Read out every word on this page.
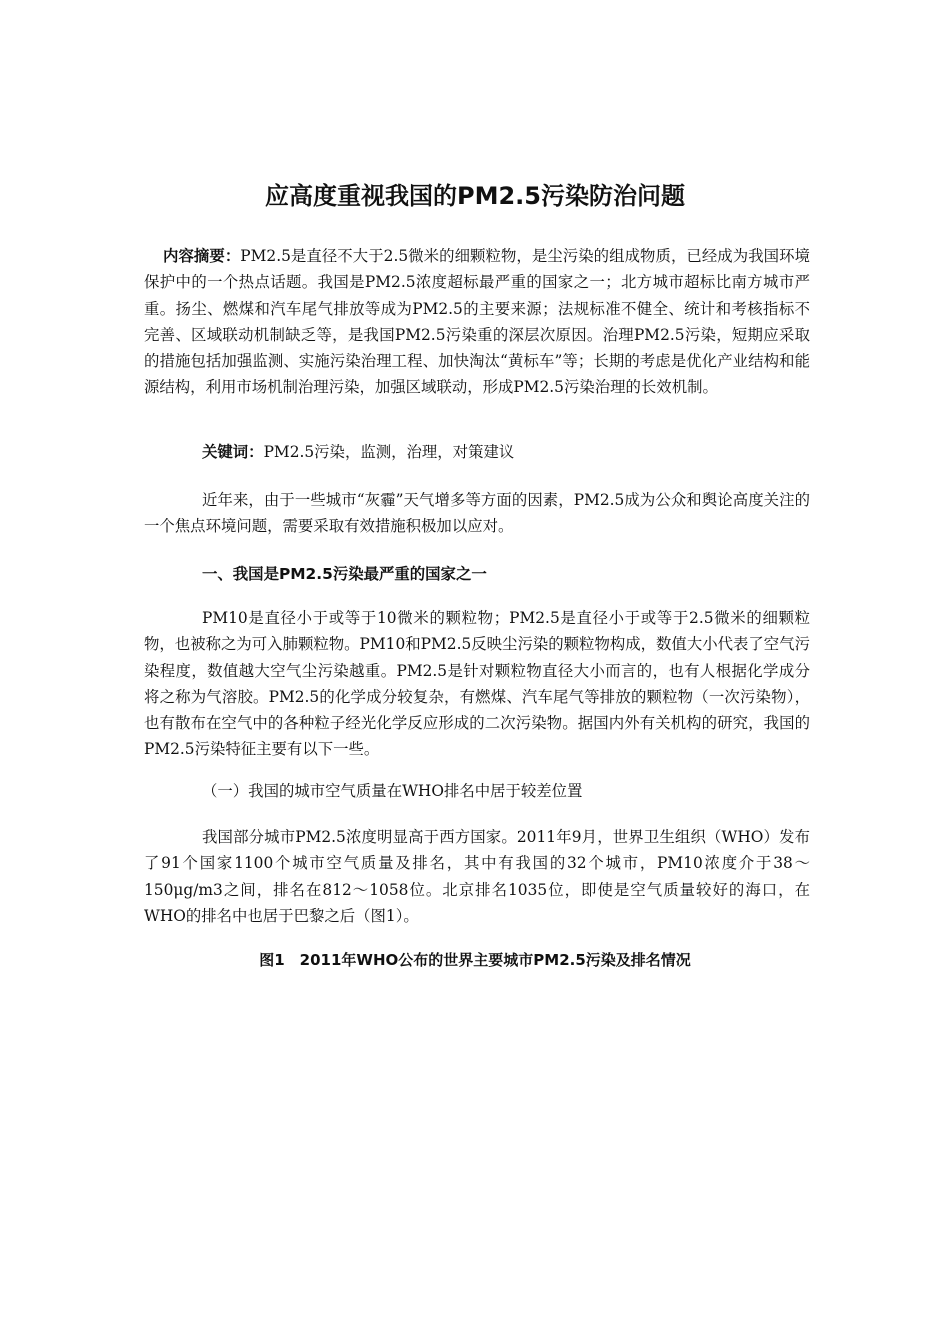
应高度重视我国的PM2.5污染防治问题

内容摘要：PM2.5是直径不大于2.5微米的细颗粒物，是尘污染的组成物质，已经成为我国环境保护中的一个热点话题。我国是PM2.5浓度超标最严重的国家之一；北方城市超标比南方城市严重。扬尘、燃煤和汽车尾气排放等成为PM2.5的主要来源；法规标准不健全、统计和考核指标不完善、区域联动机制缺乏等，是我国PM2.5污染重的深层次原因。治理PM2.5污染，短期应采取的措施包括加强监测、实施污染治理工程、加快淘汰“黄标车”等；长期的考虑是优化产业结构和能源结构，利用市场机制治理污染，加强区域联动，形成PM2.5污染治理的长效机制。

关键词：PM2.5污染，监测，治理，对策建议

近年来，由于一些城市“灰霾”天气增多等方面的因素，PM2.5成为公众和舆论高度关注的一个焦点环境问题，需要采取有效措施积极加以应对。

一、我国是PM2.5污染最严重的国家之一

PM10是直径小于或等于10微米的颗粒物；PM2.5是直径小于或等于2.5微米的细颗粒物，也被称之为可入肺颗粒物。PM10和PM2.5反映尘污染的颗粒物构成，数值大小代表了空气污染程度，数值越大空气尘污染越重。PM2.5是针对颗粒物直径大小而言的，也有人根据化学成分将之称为气溶胶。PM2.5的化学成分较复杂，有燃煤、汽车尾气等排放的颗粒物（一次污染物），也有散布在空气中的各种粒子经光化学反应形成的二次污染物。据国内外有关机构的研究，我国的PM2.5污染特征主要有以下一些。

（一）我国的城市空气质量在WHO排名中居于较差位置

我国部分城市PM2.5浓度明显高于西方国家。2011年9月，世界卫生组织（WHO）发布了91个国家1100个城市空气质量及排名，其中有我国的32个城市，PM10浓度介于38～150μg/m3之间，排名在812～1058位。北京排名1035位，即使是空气质量较好的海口，在WHO的排名中也居于巴黎之后（图1）。

图1　2011年WHO公布的世界主要城市PM2.5污染及排名情况
